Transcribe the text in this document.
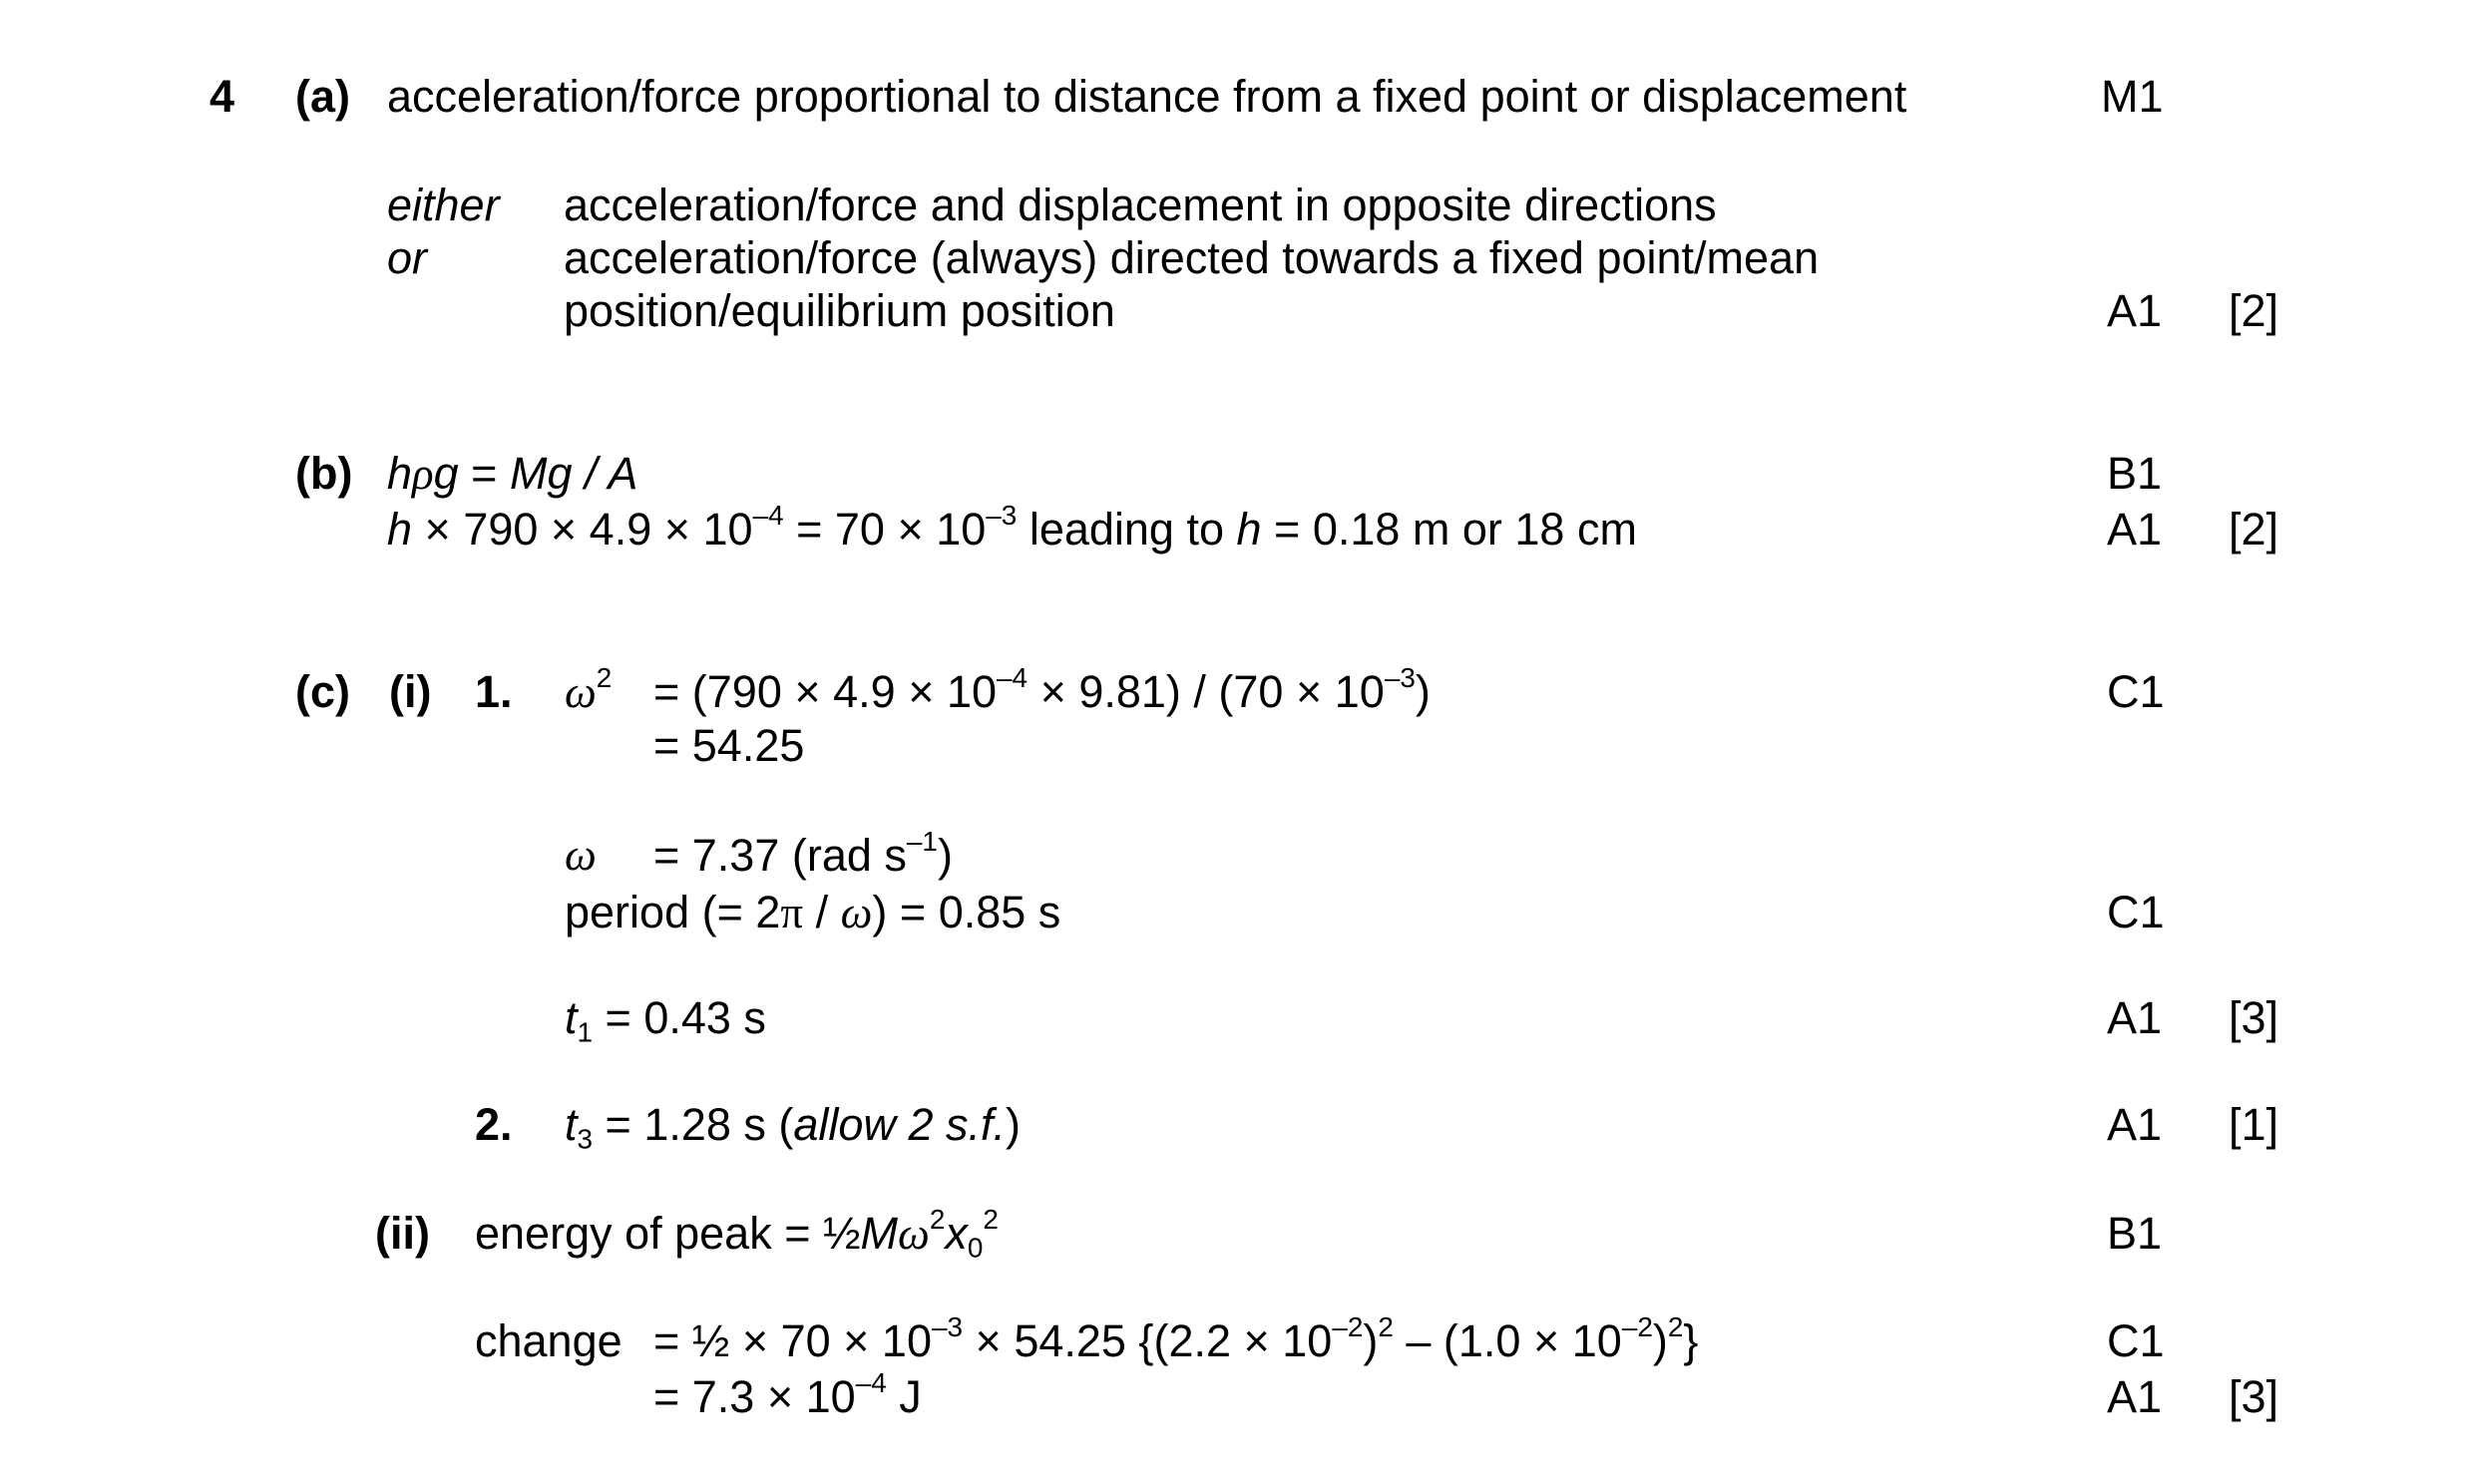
4 (a) acceleration/force proportional to distance from a fixed point or displacement	M1
either acceleration/force and displacement in opposite directions
or	acceleration/force (always) directed towards a fixed point/mean
position/equilibrium position	A1 [2]
(b) hρg = Mg / A	B1
$h \times 790 \times 4.9 \times 10^{-4} = 70 \times 10^{-3}$ leading to h = 0.18 m or 18 cm	A1 [2]
(c) (i) 1. $\omega^2 = (790 \times 4.9 \times 10^{-4} \times 9.81) / (70 \times 10^{-3})$	C1
= 54.25
ω = 7.37 (rad $s^{-1}$)
period (= 2π / ω) = 0.85 s	C1
$t_1 = 0.43$ s	A1 [3]
2. $t_3 = 1.28$ s (allow 2 s.f.)	A1 [1]
(ii) energy of peak = $\frac{1}{2}M\omega^2x_0^2$	B1
change = ½ × $70 \times 10^{-3} \times 54.25$ $\{(2.2 \times 10^{-2})^2 - (1.0 \times 10^{-2})^2\}$	C1
= $7.3 \times 10^{-4}$ J	A1 [3]
